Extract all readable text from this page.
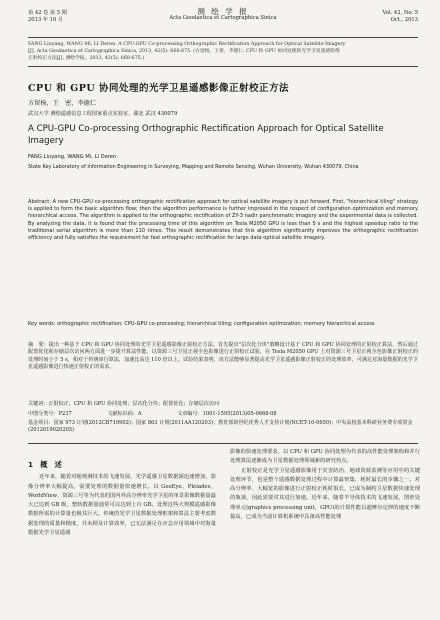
第 42 卷 第 5 期
2013 年 10 月
测 绘 学 报
Acta Geodaetica et Cartographica Sinica
Vol. 42, No. 5
Oct., 2013
FANG Liuyang, WANG Mi, LI Deren. A CPU-GPU Co-processing Orthographic Rectification Approach for Optical Satellite Imagery
[J]. Acta Geodaetica et Cartographica Sinica, 2013, 42(5): 668-675. (方留杨，王密，李德仁. CPU 和 GPU 协同处理的光学卫星遥感影像
正射校正方法[J]. 测绘学报，2013, 42(5): 668-675.)
CPU 和 GPU 协同处理的光学卫星遥感影像正射校正方法
方留杨，王　密，李德仁
武汉大学 测绘遥感信息工程国家重点实验室，湖北 武汉 430079
A CPU-GPU Co-processing Orthographic Rectification Approach for Optical Satellite Imagery
FANG Liuyang, WANG Mi, LI Deren
State Key Laboratory of Information Engineering in Surveying, Mapping and Remote Sensing, Wuhan University, Wuhan 430079, China
Abstract: A new CPU-GPU co-processing orthographic rectification approach for optical satellite imagery is put forward. First, "hierarchical tiling" strategy is applied to form the basic algorithm flow; then the algorithm performance is further improved in the respect of configuration optimization and memory hierarchical access. The algorithm is applied to the orthographic rectification of ZY-3 nadir panchromatic imagery and the experimental data is collected. By analyzing the data, it is found that the processing time of this algorithm on Tesla M2050 GPU is less than 5 s and the highest speedup ratio to the traditional serial algorithm is more than 110 times. This result demonstrates that this algorithm significantly improves the orthographic rectification efficiency and fully satisfies the requirement for fast orthographic rectification for large data optical satellite imagery.
Key words: orthographic rectification; CPU-GPU co-processing; hierarchical tiling; configuration optimization; memory hierarchical access
摘　要：提出一种基于 CPU 和 GPU 协同处理的光学卫星遥感影像正射校正方法。首先提出"层次化分块"策略设计基于 CPU 和 GPU 协同处理的正射校正算法，然后通过配置优化和存储层次访问两方面进一步提升算法性能。以资源三号卫星正视全色影像进行正射校正试验，在 Tesla M2050 GPU 上对资源三号卫星正视全色影像正射校正的处理时间小于 5 s，相对于传统串行算法，加速比高达 110 倍以上。试验结果表明，该方法能够显著提高光学卫星遥感影像正射校正的处理效率，可满足对海量数据的光学卫星遥感影像进行快速正射校正的需求。
关键词：正射校正；CPU 和 GPU 协同处理；层次化分块；配置优化；存储层次访问
中图分类号：P237	文献标识码：A	文章编号：1001-1595(2013)05-0668-08
基金项目：国家 973 计划(2012CB719902)；国家 863 计划(2011AA120203)；教育部新世纪优秀人才支持计划(NCET-10-0650)；中央高校基本科研业务费专项资金(2012619020205)
1　概　述

近年来，随着对地观测技术的飞速发展，光学遥感卫星数据源迅速增加，影像分辨率大幅提高，需要处理的数据量快速增长。以 GeoEye、Pleiades、WorldView、资源三号等为代表的国内外高分辨率光学卫星的单景影像数据量最大已达到 GB 级，整轨数据量通常可以达到上百 GB。处理这些大规模遥感影像数据所需的计算量也极其巨大。传统的光学卫星数据处理框架和算法主要考虑数据处理的质量和精度，并未顾及计算效率，已无法满足在应急应用领域中对海量数据光学卫星遥感

影像的快速处理要求，以 CPU 和 GPU 协同处理为代表的高性能处理架构和并行处理算法逐渐成为卫星数据处理领域新的研究热点。

正射校正是光学卫星遥感影像用于灾害防治、地球资源监测等应用中的关键处理环节，也是整个遥感数据处理过程中计算最密集、耗时最长的步骤之一。对高分辨率、大幅宽的影像进行正射校正耗时很长，已成为制约卫星数据快速处理的瓶颈，因此需要对其进行加速。近年来，随着半导体技术的飞速发展，图形处理单元(graphics processing unit，GPU)的计算性能以超摩尔定律的速度不断提高，已成为当前计算机系统中具备高性能处理
